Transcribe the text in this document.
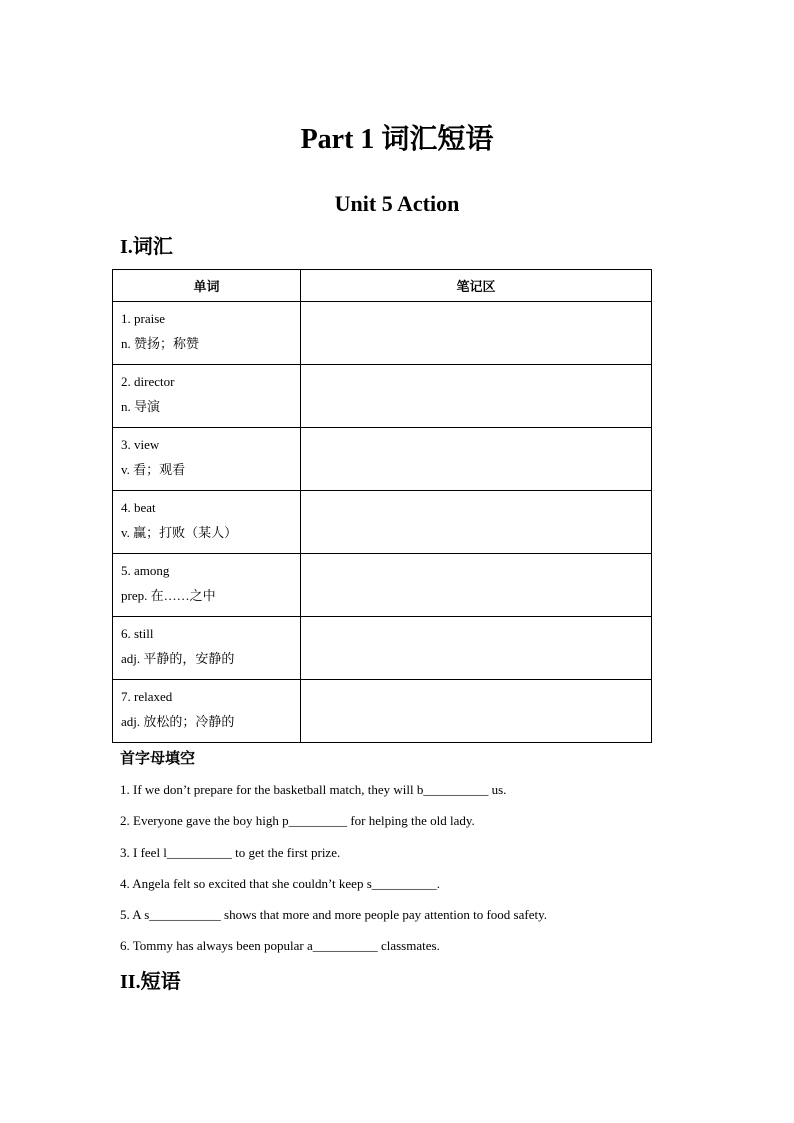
Part 1 词汇短语
Unit 5 Action
I.词汇
单词	笔记区

1. praise
n. 赞扬；称赞	

2. director
n. 导演	

3. view
v. 看；观看	

4. beat
v. 赢；打败（某人）	

5. among
prep. 在……之中	

6. still
adj. 平静的，安静的	

7. relaxed
adj. 放松的；冷静的	

首字母填空
1. If we don’t prepare for the basketball match, they will b__________ us.
2. Everyone gave the boy high p_________ for helping the old lady.
3. I feel l__________ to get the first prize.
4. Angela felt so excited that she couldn’t keep s__________.
5. A s___________ shows that more and more people pay attention to food safety.
6. Tommy has always been popular a__________ classmates.
II.短语
